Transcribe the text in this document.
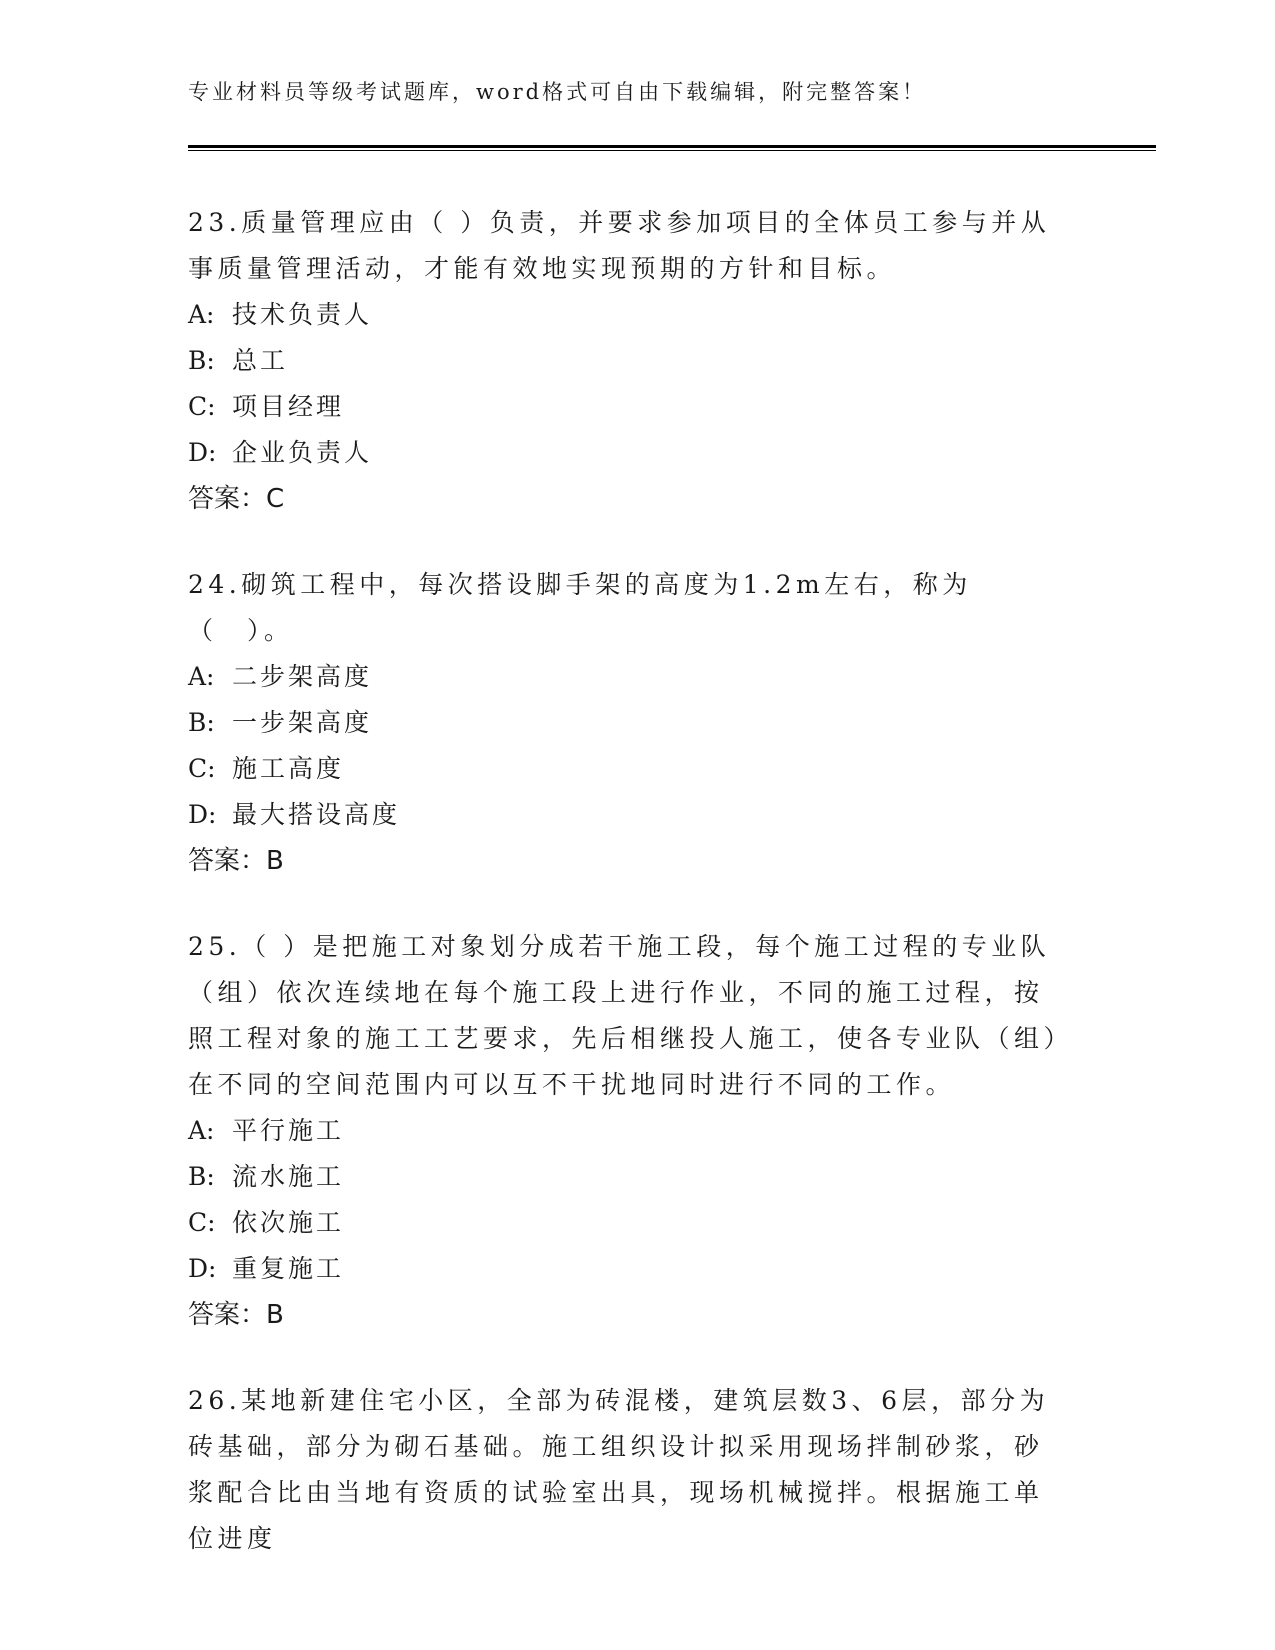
专业材料员等级考试题库，word格式可自由下载编辑，附完整答案！

23.质量管理应由（ ）负责，并要求参加项目的全体员工参与并从事质量管理活动，才能有效地实现预期的方针和目标。

A: 技术负责人

B: 总工

C: 项目经理

D: 企业负责人

答案：C

24.砌筑工程中，每次搭设脚手架的高度为1.2m左右，称为（　）。

A: 二步架高度

B: 一步架高度

C: 施工高度

D: 最大搭设高度

答案：B

25.（ ）是把施工对象划分成若干施工段，每个施工过程的专业队（组）依次连续地在每个施工段上进行作业，不同的施工过程，按照工程对象的施工工艺要求，先后相继投人施工，使各专业队（组）在不同的空间范围内可以互不干扰地同时进行不同的工作。

A: 平行施工

B: 流水施工

C: 依次施工

D: 重复施工

答案：B

26.某地新建住宅小区，全部为砖混楼，建筑层数3、6层，部分为砖基础，部分为砌石基础。施工组织设计拟采用现场拌制砂浆，砂浆配合比由当地有资质的试验室出具，现场机械搅拌。根据施工单位进度
